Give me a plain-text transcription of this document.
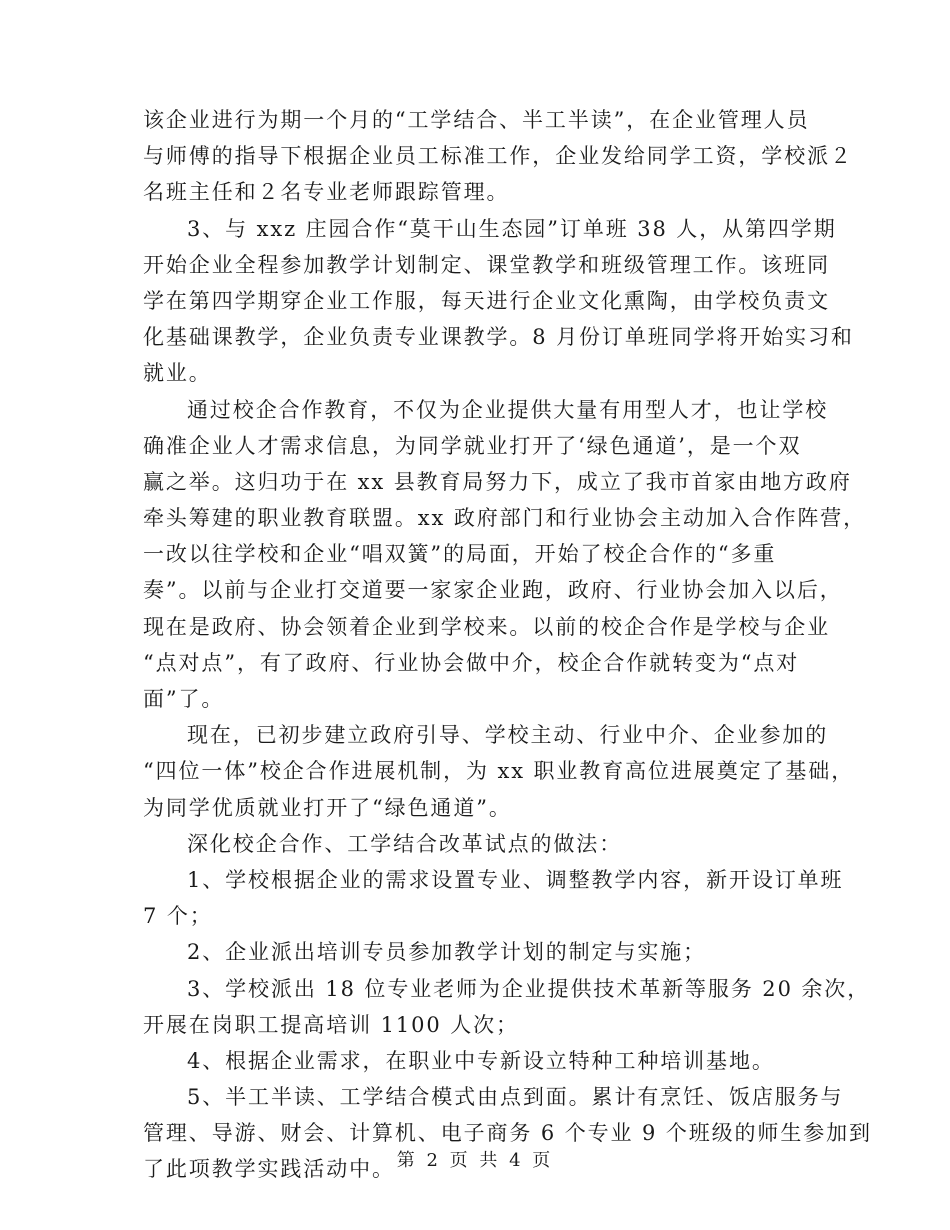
该企业进行为期一个月的“工学结合、半工半读”，在企业管理人员
与师傅的指导下根据企业员工标准工作，企业发给同学工资，学校派２
名班主任和２名专业老师跟踪管理。
3、与 xxz 庄园合作“莫干山生态园”订单班 38 人，从第四学期
开始企业全程参加教学计划制定、课堂教学和班级管理工作。该班同
学在第四学期穿企业工作服，每天进行企业文化熏陶，由学校负责文
化基础课教学，企业负责专业课教学。8 月份订单班同学将开始实习和
就业。
通过校企合作教育，不仅为企业提供大量有用型人才，也让学校
确准企业人才需求信息，为同学就业打开了‘绿色通道’，是一个双
赢之举。这归功于在 xx 县教育局努力下，成立了我市首家由地方政府
牵头筹建的职业教育联盟。xx 政府部门和行业协会主动加入合作阵营，
一改以往学校和企业“唱双簧”的局面，开始了校企合作的“多重
奏”。以前与企业打交道要一家家企业跑，政府、行业协会加入以后，
现在是政府、协会领着企业到学校来。以前的校企合作是学校与企业
“点对点”，有了政府、行业协会做中介，校企合作就转变为“点对
面”了。
现在，已初步建立政府引导、学校主动、行业中介、企业参加的
“四位一体”校企合作进展机制，为 xx 职业教育高位进展奠定了基础，
为同学优质就业打开了“绿色通道”。
深化校企合作、工学结合改革试点的做法：
1、学校根据企业的需求设置专业、调整教学内容，新开设订单班
7 个；
2、企业派出培训专员参加教学计划的制定与实施；
3、学校派出 18 位专业老师为企业提供技术革新等服务 20 余次，
开展在岗职工提高培训 1100 人次；
4、根据企业需求，在职业中专新设立特种工种培训基地。
5、半工半读、工学结合模式由点到面。累计有烹饪、饭店服务与
管理、导游、财会、计算机、电子商务 6 个专业 9 个班级的师生参加到
了此项教学实践活动中。 第 2 页 共 4 页
